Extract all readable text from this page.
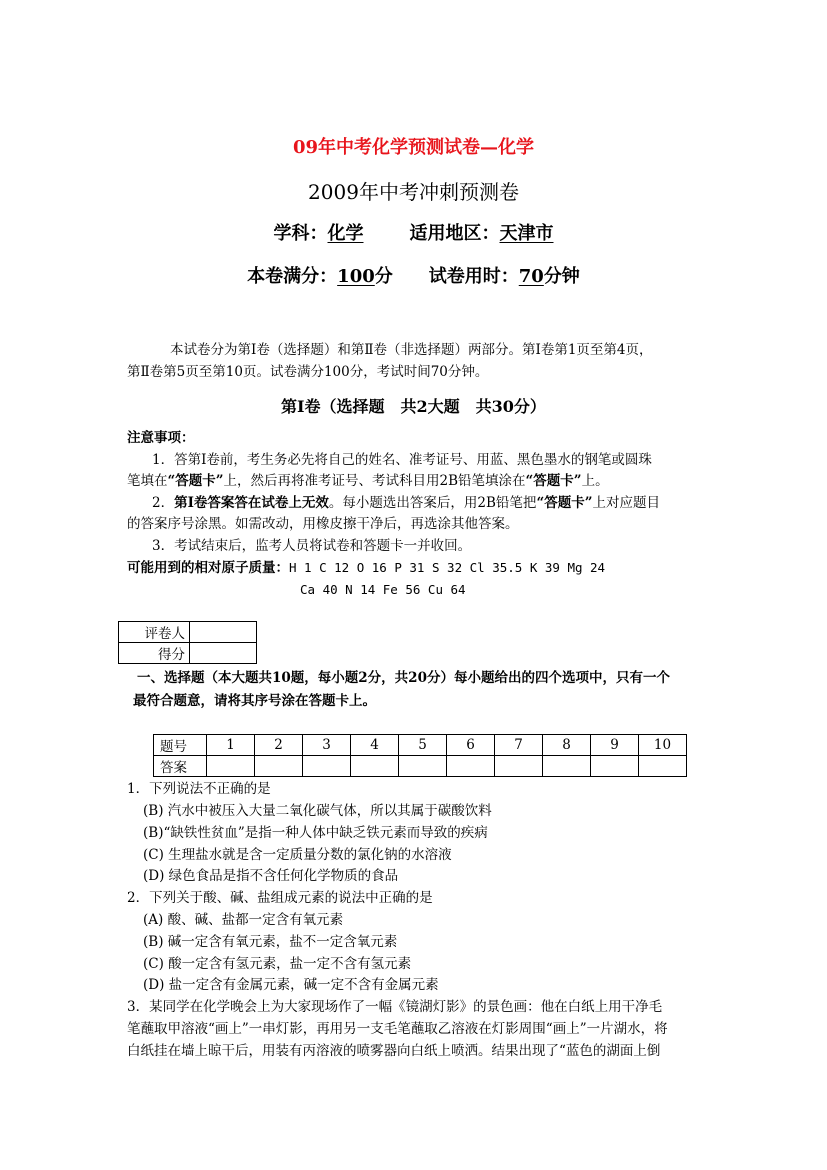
09年中考化学预测试卷—化学
2009年中考冲刺预测卷
学科：化学	适用地区：天津市
本卷满分：100分 试卷用时：70分钟
本试卷分为第Ⅰ卷（选择题）和第Ⅱ卷（非选择题）两部分。第Ⅰ卷第1页至第4页，
第Ⅱ卷第5页至第10页。试卷满分100分，考试时间70分钟。
第Ⅰ卷（选择题　共2大题　共30分）
注意事项：
1．答第Ⅰ卷前，考生务必先将自己的姓名、准考证号、用蓝、黑色墨水的钢笔或圆珠
笔填在“答题卡”上，然后再将准考证号、考试科目用2B铅笔填涂在“答题卡”上。
2．第Ⅰ卷答案答在试卷上无效。每小题选出答案后，用2B铅笔把“答题卡”上对应题目
的答案序号涂黑。如需改动，用橡皮擦干净后，再选涂其他答案。
3．考试结束后，监考人员将试卷和答题卡一并收回。
可能用到的相对原子质量：H 1 C 12 O 16 P 31 S 32 Cl 35.5 K 39 Mg 24
Ca 40 N 14 Fe 56 Cu 64
评卷人	
得分	
一、选择题（本大题共10题，每小题2分，共20分）每小题给出的四个选项中，只有一个
最符合题意，请将其序号涂在答题卡上。
题号	1	2	3	4	5	6	7	8	9	10
答案										
1．下列说法不正确的是
(B) 汽水中被压入大量二氧化碳气体，所以其属于碳酸饮料
(B)“缺铁性贫血”是指一种人体中缺乏铁元素而导致的疾病
(C) 生理盐水就是含一定质量分数的氯化钠的水溶液
(D) 绿色食品是指不含任何化学物质的食品
2．下列关于酸、碱、盐组成元素的说法中正确的是
(A) 酸、碱、盐都一定含有氧元素
(B) 碱一定含有氧元素，盐不一定含氧元素
(C) 酸一定含有氢元素，盐一定不含有氢元素
(D) 盐一定含有金属元素，碱一定不含有金属元素
3．某同学在化学晚会上为大家现场作了一幅《镜湖灯影》的景色画：他在白纸上用干净毛
笔蘸取甲溶液“画上”一串灯影，再用另一支毛笔蘸取乙溶液在灯影周围“画上”一片湖水，将
白纸挂在墙上晾干后，用装有丙溶液的喷雾器向白纸上喷洒。结果出现了“蓝色的湖面上倒
